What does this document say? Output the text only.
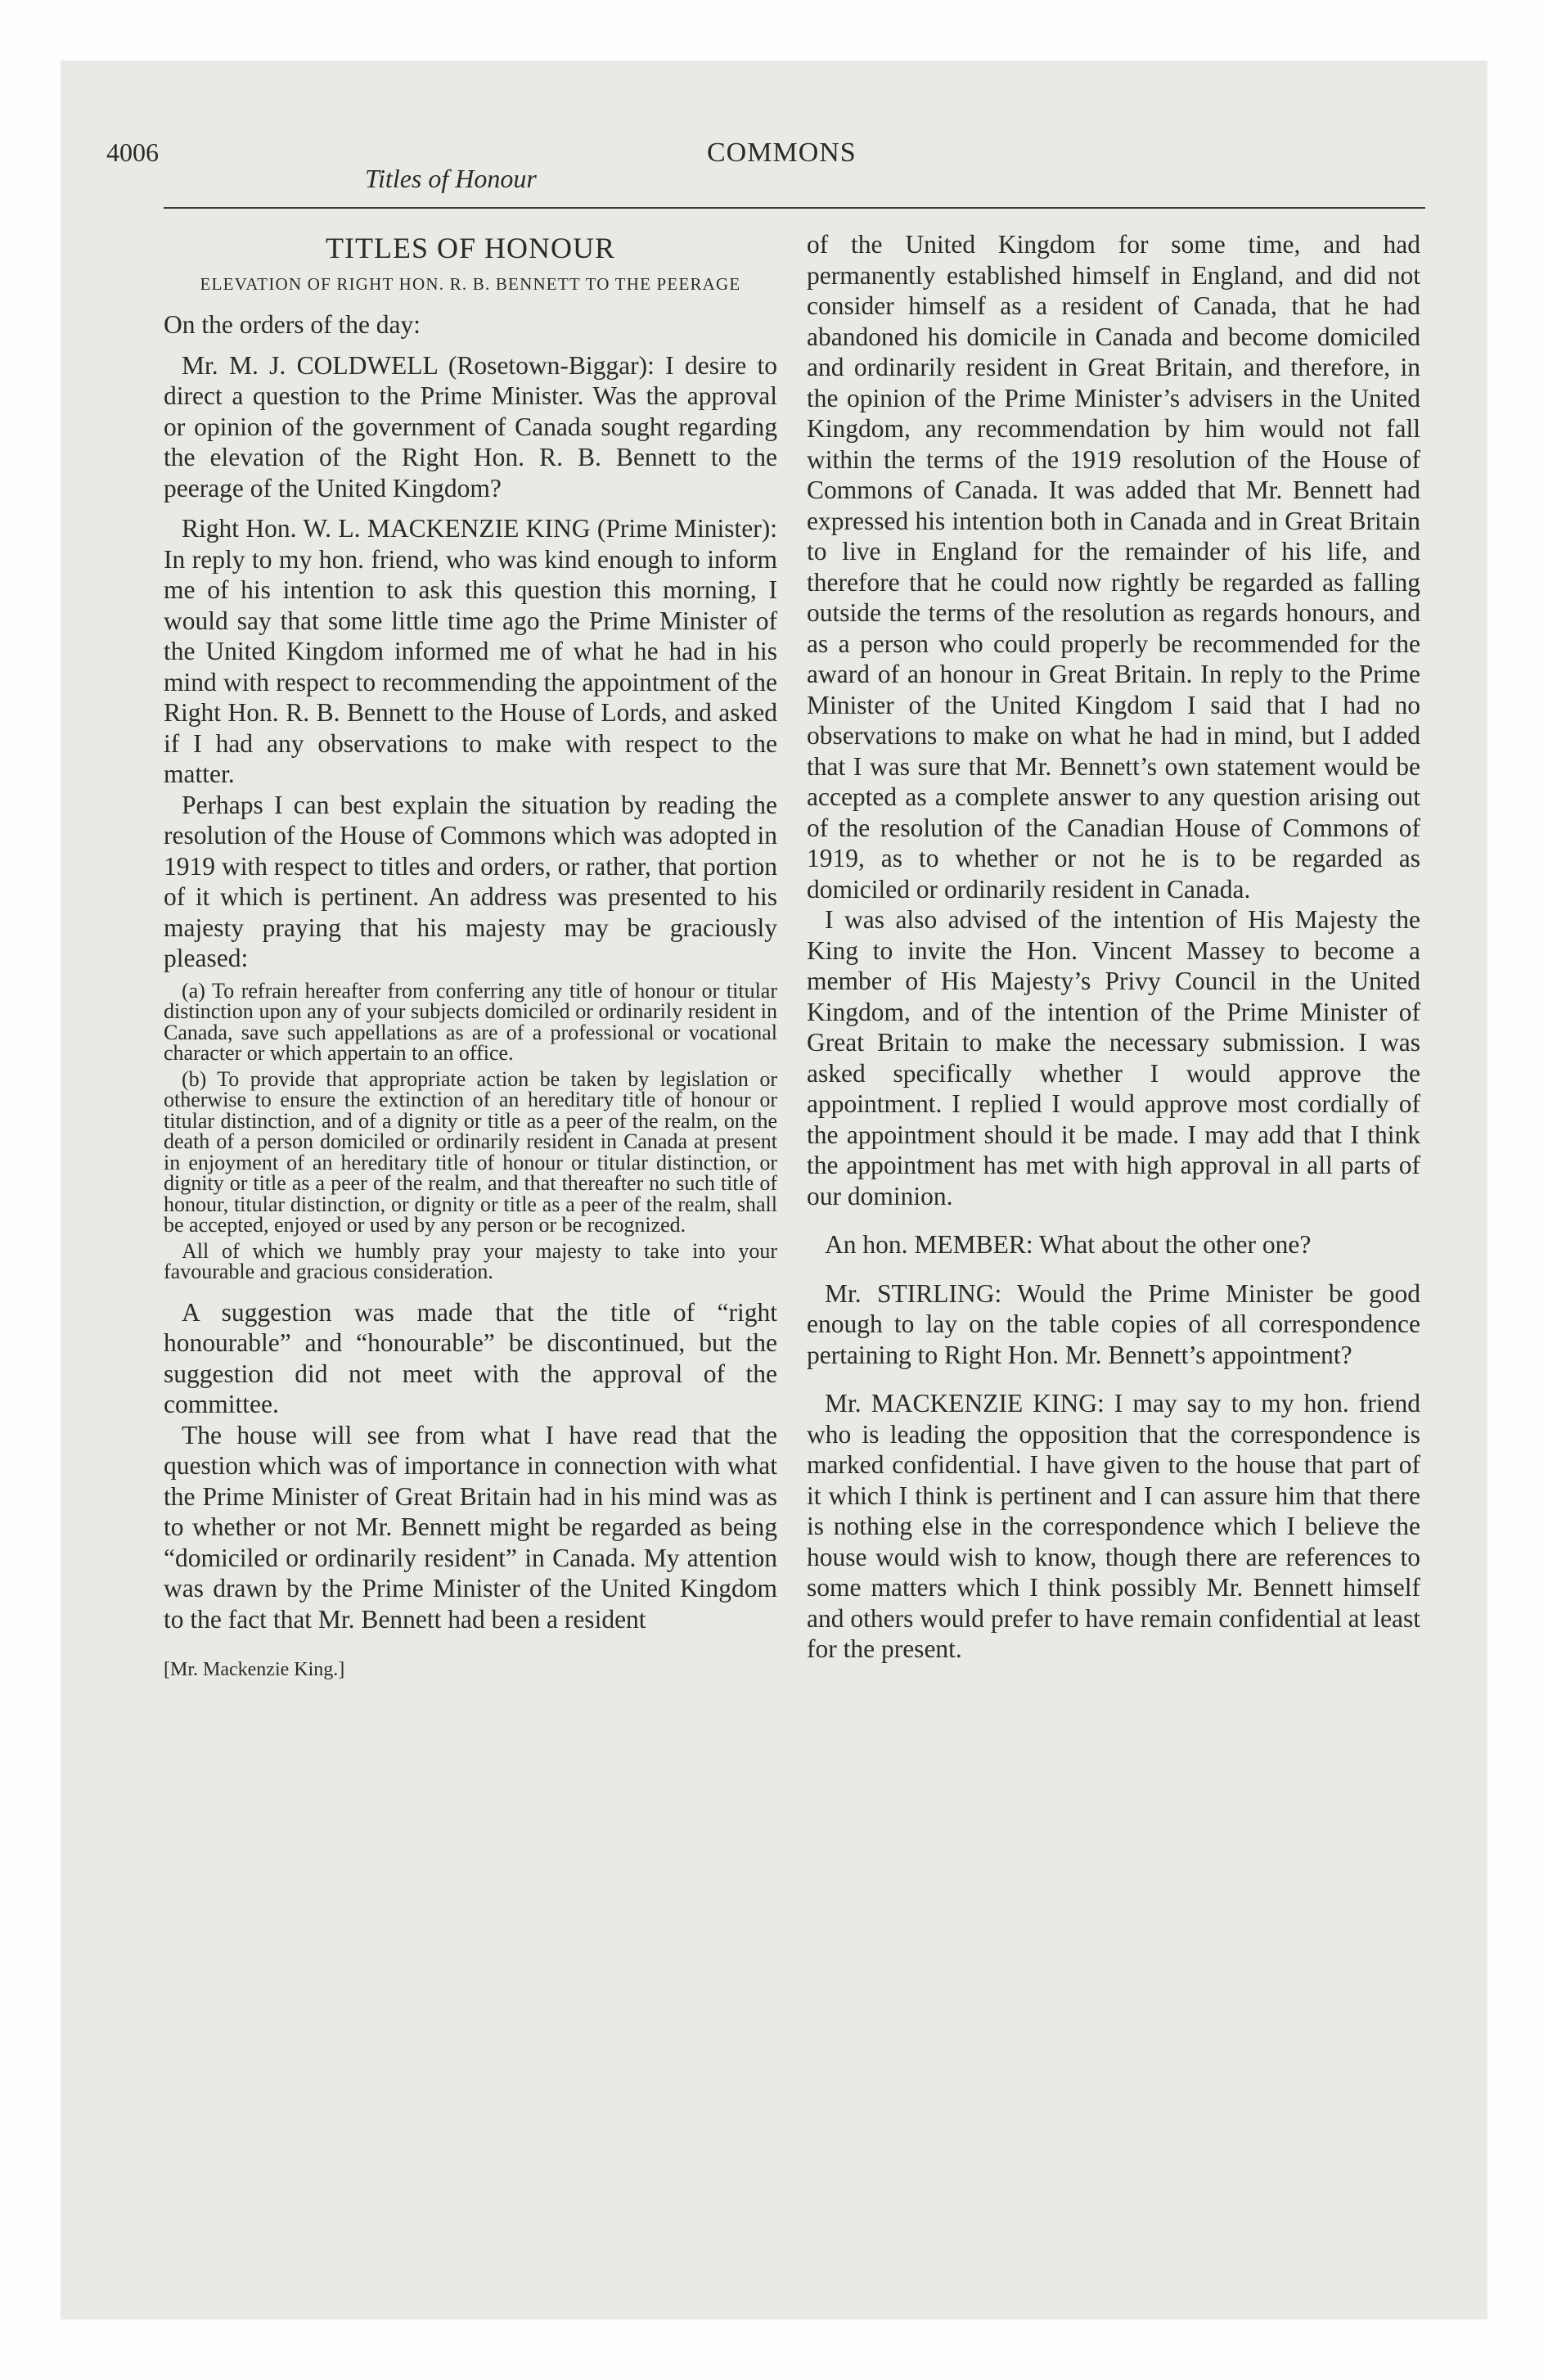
4006
Titles of Honour
COMMONS
TITLES OF HONOUR
ELEVATION OF RIGHT HON. R. B. BENNETT TO THE PEERAGE

On the orders of the day:

Mr. M. J. COLDWELL (Rosetown-Biggar): I desire to direct a question to the Prime Minister. Was the approval or opinion of the government of Canada sought regarding the elevation of the Right Hon. R. B. Bennett to the peerage of the United Kingdom?

Right Hon. W. L. MACKENZIE KING (Prime Minister): In reply to my hon. friend, who was kind enough to inform me of his intention to ask this question this morning, I would say that some little time ago the Prime Minister of the United Kingdom informed me of what he had in his mind with respect to recommending the appointment of the Right Hon. R. B. Bennett to the House of Lords, and asked if I had any observations to make with respect to the matter.

Perhaps I can best explain the situation by reading the resolution of the House of Commons which was adopted in 1919 with respect to titles and orders, or rather, that portion of it which is pertinent. An address was presented to his majesty praying that his majesty may be graciously pleased:

(a) To refrain hereafter from conferring any title of honour or titular distinction upon any of your subjects domiciled or ordinarily resident in Canada, save such appellations as are of a professional or vocational character or which appertain to an office.

(b) To provide that appropriate action be taken by legislation or otherwise to ensure the extinction of an hereditary title of honour or titular distinction, and of a dignity or title as a peer of the realm, on the death of a person domiciled or ordinarily resident in Canada at present in enjoyment of an hereditary title of honour or titular distinction, or dignity or title as a peer of the realm, and that thereafter no such title of honour, titular distinction, or dignity or title as a peer of the realm, shall be accepted, enjoyed or used by any person or be recognized.

All of which we humbly pray your majesty to take into your favourable and gracious consideration.

A suggestion was made that the title of “right honourable” and “honourable” be discontinued, but the suggestion did not meet with the approval of the committee.

The house will see from what I have read that the question which was of importance in connection with what the Prime Minister of Great Britain had in his mind was as to whether or not Mr. Bennett might be regarded as being “domiciled or ordinarily resident” in Canada. My attention was drawn by the Prime Minister of the United Kingdom to the fact that Mr. Bennett had been a resident

[Mr. Mackenzie King.]

of the United Kingdom for some time, and had permanently established himself in England, and did not consider himself as a resident of Canada, that he had abandoned his domicile in Canada and become domiciled and ordinarily resident in Great Britain, and therefore, in the opinion of the Prime Minister’s advisers in the United Kingdom, any recommendation by him would not fall within the terms of the 1919 resolution of the House of Commons of Canada. It was added that Mr. Bennett had expressed his intention both in Canada and in Great Britain to live in England for the remainder of his life, and therefore that he could now rightly be regarded as falling outside the terms of the resolution as regards honours, and as a person who could properly be recommended for the award of an honour in Great Britain. In reply to the Prime Minister of the United Kingdom I said that I had no observations to make on what he had in mind, but I added that I was sure that Mr. Bennett’s own statement would be accepted as a complete answer to any question arising out of the resolution of the Canadian House of Commons of 1919, as to whether or not he is to be regarded as domiciled or ordinarily resident in Canada.

I was also advised of the intention of His Majesty the King to invite the Hon. Vincent Massey to become a member of His Majesty’s Privy Council in the United Kingdom, and of the intention of the Prime Minister of Great Britain to make the necessary submission. I was asked specifically whether I would approve the appointment. I replied I would approve most cordially of the appointment should it be made. I may add that I think the appointment has met with high approval in all parts of our dominion.

An hon. MEMBER: What about the other one?

Mr. STIRLING: Would the Prime Minister be good enough to lay on the table copies of all correspondence pertaining to Right Hon. Mr. Bennett’s appointment?

Mr. MACKENZIE KING: I may say to my hon. friend who is leading the opposition that the correspondence is marked confidential. I have given to the house that part of it which I think is pertinent and I can assure him that there is nothing else in the correspondence which I believe the house would wish to know, though there are references to some matters which I think possibly Mr. Bennett himself and others would prefer to have remain confidential at least for the present.
